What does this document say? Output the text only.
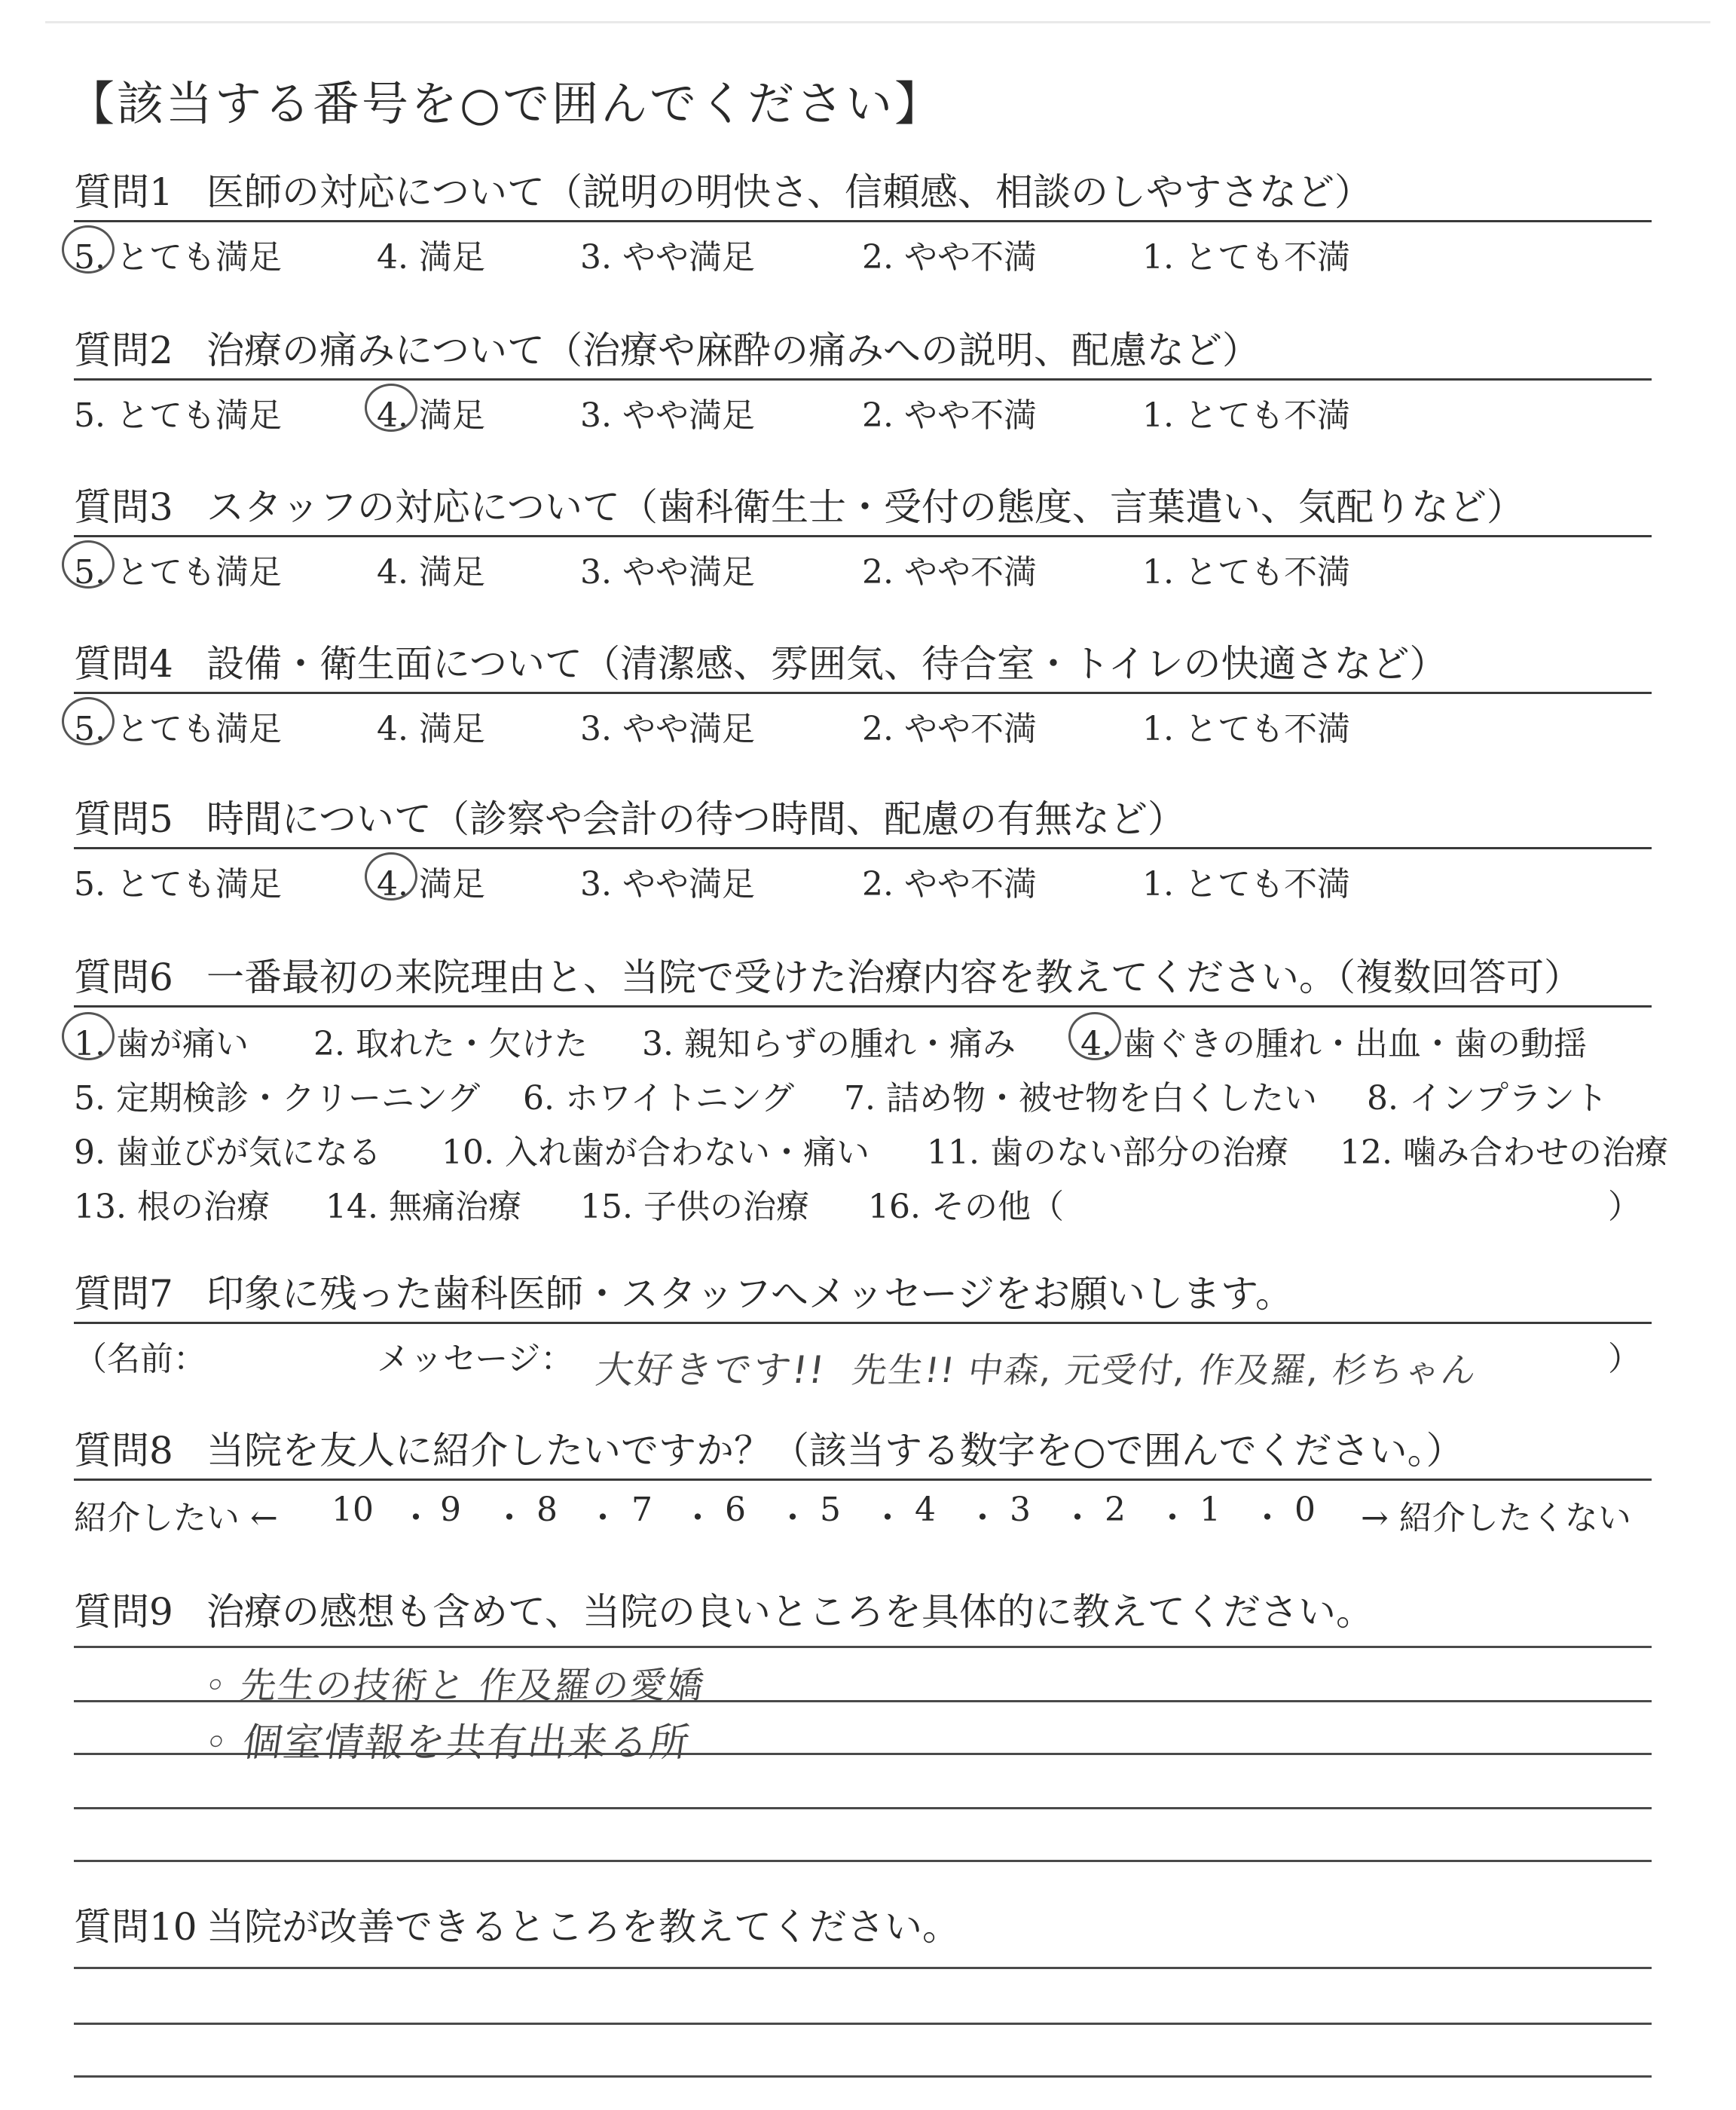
【該当する番号を○で囲んでください】
質問1 医師の対応について（説明の明快さ、信頼感、相談のしやすさなど）
5. とても満足	4. 満足	3. やや満足	2. やや不満	1. とても不満
質問2 治療の痛みについて（治療や麻酔の痛みへの説明、配慮など）
5. とても満足	4. 満足	3. やや満足	2. やや不満	1. とても不満
質問3 スタッフの対応について（歯科衛生士・受付の態度、言葉遣い、気配りなど）
5. とても満足	4. 満足	3. やや満足	2. やや不満	1. とても不満
質問4 設備・衛生面について（清潔感、雰囲気、待合室・トイレの快適さなど）
5. とても満足	4. 満足	3. やや満足	2. やや不満	1. とても不満
質問5 時間について（診察や会計の待つ時間、配慮の有無など）
5. とても満足	4. 満足	3. やや満足	2. やや不満	1. とても不満
質問6 一番最初の来院理由と、当院で受けた治療内容を教えてください。（複数回答可）
1. 歯が痛い 2. 取れた・欠けた 3. 親知らずの腫れ・痛み 4. 歯ぐきの腫れ・出血・歯の動揺
5. 定期検診・クリーニング 6. ホワイトニング 7. 詰め物・被せ物を白くしたい 8. インプラント
9. 歯並びが気になる 10. 入れ歯が合わない・痛い 11. 歯のない部分の治療 12. 噛み合わせの治療
13. 根の治療 14. 無痛治療 15. 子供の治療 16. その他（	）
質問7 印象に残った歯科医師・スタッフへメッセージをお願いします。
（名前：	メッセージ：	）
大好きです!! 先生!! 中森, 元受付, 作及羅, 杉ちゃん
質問8 当院を友人に紹介したいですか？（該当する数字を○で囲んでください。）
紹介したい ← 10 ・ 9 ・ 8 ・ 7 ・ 6 ・ 5 ・ 4 ・ 3 ・ 2 ・ 1 ・ 0 → 紹介したくない
質問9 治療の感想も含めて、当院の良いところを具体的に教えてください。
◦ 先生の技術と 作及羅の愛嬌
◦ 個室情報を共有出来る所
質問10 当院が改善できるところを教えてください。
